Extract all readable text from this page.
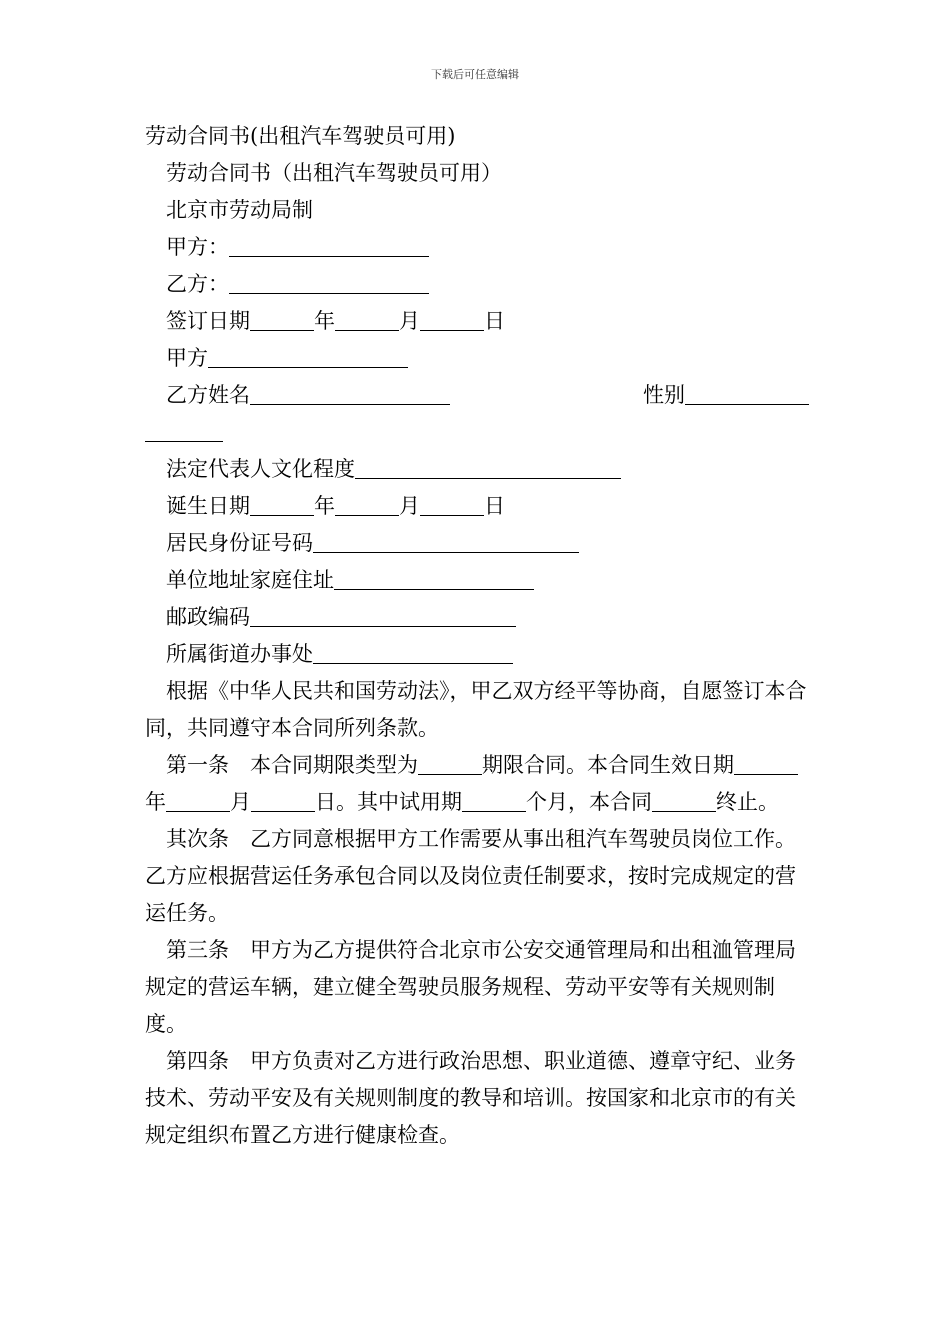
下载后可任意编辑
劳动合同书(出租汽车驾驶员可用)
劳动合同书（出租汽车驾驶员可用）
北京市劳动局制
甲方：
乙方：
签订日期	年	月	日
甲方
乙方姓名	性别
法定代表人文化程度
诞生日期	年	月	日
居民身份证号码
单位地址家庭住址
邮政编码
所属街道办事处

根据《中华人民共和国劳动法》，甲乙双方经平等协商，自愿签订本合同，共同遵守本合同所列条款。

第一条 本合同期限类型为	期限合同。本合同生效日期年	月	日。其中试用期	个月，本合同	终止。

其次条 乙方同意根据甲方工作需要从事出租汽车驾驶员岗位工作。乙方应根据营运任务承包合同以及岗位责任制要求，按时完成规定的营运任务。

第三条 甲方为乙方提供符合北京市公安交通管理局和出租洫管理局规定的营运车辆，建立健全驾驶员服务规程、劳动平安等有关规则制度。

第四条 甲方负责对乙方进行政治思想、职业道德、遵章守纪、业务技术、劳动平安及有关规则制度的教导和培训。按国家和北京市的有关规定组织布置乙方进行健康检查。
